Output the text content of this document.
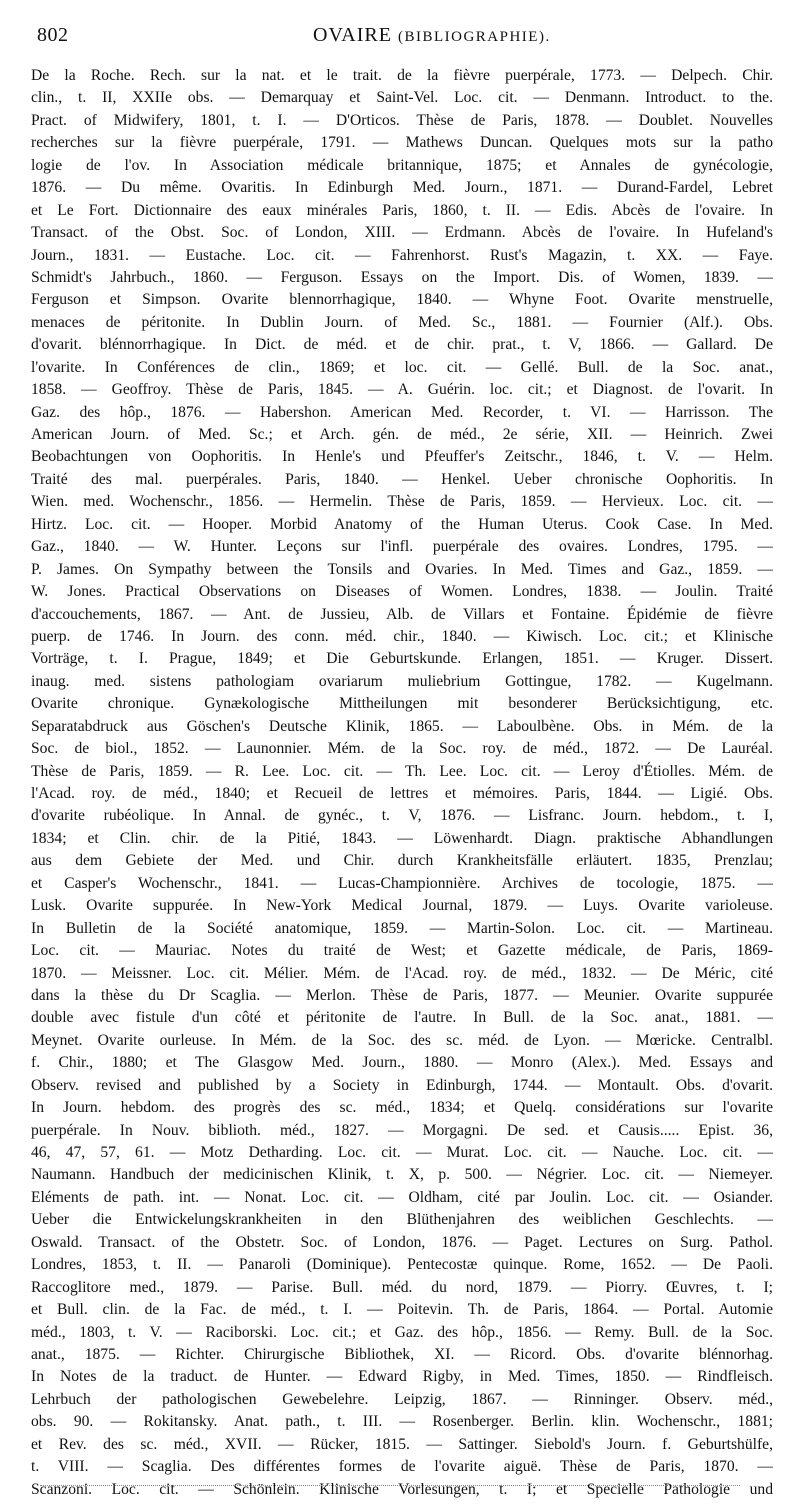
802	OVAIRE (BIBLIOGRAPHIE).
De la Roche. Rech. sur la nat. et le trait. de la fièvre puerpérale, 1773. — Delpech. Chir.
clin., t. II, XXIIe obs. — Demarquay et Saint-Vel. Loc. cit. — Denmann. Introduct. to the.
Pract. of Midwifery, 1801, t. I. — D'Orticos. Thèse de Paris, 1878. — Doublet. Nouvelles
recherches sur la fièvre puerpérale, 1791. — Mathews Duncan. Quelques mots sur la patho
logie de l'ov. In Association médicale britannique, 1875; et Annales de gynécologie,
1876. — Du même. Ovaritis. In Edinburgh Med. Journ., 1871. — Durand-Fardel, Lebret
et Le Fort. Dictionnaire des eaux minérales Paris, 1860, t. II. — Edis. Abcès de l'ovaire. In
Transact. of the Obst. Soc. of London, XIII. — Erdmann. Abcès de l'ovaire. In Hufeland's
Journ., 1831. — Eustache. Loc. cit. — Fahrenhorst. Rust's Magazin, t. XX. — Faye.
Schmidt's Jahrbuch., 1860. — Ferguson. Essays on the Import. Dis. of Women, 1839. —
Ferguson et Simpson. Ovarite blennorrhagique, 1840. — Whyne Foot. Ovarite menstruelle,
menaces de péritonite. In Dublin Journ. of Med. Sc., 1881. — Fournier (Alf.). Obs.
d'ovarit. blénnorrhagique. In Dict. de méd. et de chir. prat., t. V, 1866. — Gallard. De
l'ovarite. In Conférences de clin., 1869; et loc. cit. — Gellé. Bull. de la Soc. anat.,
1858. — Geoffroy. Thèse de Paris, 1845. — A. Guérin. loc. cit.; et Diagnost. de l'ovarit. In
Gaz. des hôp., 1876. — Habershon. American Med. Recorder, t. VI. — Harrisson. The
American Journ. of Med. Sc.; et Arch. gén. de méd., 2e série, XII. — Heinrich. Zwei
Beobachtungen von Oophoritis. In Henle's und Pfeuffer's Zeitschr., 1846, t. V. — Helm.
Traité des mal. puerpérales. Paris, 1840. — Henkel. Ueber chronische Oophoritis. In
Wien. med. Wochenschr., 1856. — Hermelin. Thèse de Paris, 1859. — Hervieux. Loc. cit. —
Hirtz. Loc. cit. — Hooper. Morbid Anatomy of the Human Uterus. Cook Case. In Med.
Gaz., 1840. — W. Hunter. Leçons sur l'infl. puerpérale des ovaires. Londres, 1795. —
P. James. On Sympathy between the Tonsils and Ovaries. In Med. Times and Gaz., 1859. —
W. Jones. Practical Observations on Diseases of Women. Londres, 1838. — Joulin. Traité
d'accouchements, 1867. — Ant. de Jussieu, Alb. de Villars et Fontaine. Épidémie de fièvre
puerp. de 1746. In Journ. des conn. méd. chir., 1840. — Kiwisch. Loc. cit.; et Klinische
Vorträge, t. I. Prague, 1849; et Die Geburtskunde. Erlangen, 1851. — Kruger. Dissert.
inaug. med. sistens pathologiam ovariarum muliebrium Gottingue, 1782. — Kugelmann.
Ovarite chronique. Gynækologische Mittheilungen mit besonderer Berücksichtigung, etc.
Separatabdruck aus Göschen's Deutsche Klinik, 1865. — Laboulbène. Obs. in Mém. de la
Soc. de biol., 1852. — Launonnier. Mém. de la Soc. roy. de méd., 1872. — De Lauréal.
Thèse de Paris, 1859. — R. Lee. Loc. cit. — Th. Lee. Loc. cit. — Leroy d'Étiolles. Mém. de
l'Acad. roy. de méd., 1840; et Recueil de lettres et mémoires. Paris, 1844. — Ligié. Obs.
d'ovarite rubéolique. In Annal. de gynéc., t. V, 1876. — Lisfranc. Journ. hebdom., t. I,
1834; et Clin. chir. de la Pitié, 1843. — Löwenhardt. Diagn. praktische Abhandlungen
aus dem Gebiete der Med. und Chir. durch Krankheitsfälle erläutert. 1835, Prenzlau;
et Casper's Wochenschr., 1841. — Lucas-Championnière. Archives de tocologie, 1875. —
Lusk. Ovarite suppurée. In New-York Medical Journal, 1879. — Luys. Ovarite varioleuse.
In Bulletin de la Société anatomique, 1859. — Martin-Solon. Loc. cit. — Martineau.
Loc. cit. — Mauriac. Notes du traité de West; et Gazette médicale, de Paris, 1869-
1870. — Meissner. Loc. cit. Mélier. Mém. de l'Acad. roy. de méd., 1832. — De Méric, cité
dans la thèse du Dr Scaglia. — Merlon. Thèse de Paris, 1877. — Meunier. Ovarite suppurée
double avec fistule d'un côté et péritonite de l'autre. In Bull. de la Soc. anat., 1881. —
Meynet. Ovarite ourleuse. In Mém. de la Soc. des sc. méd. de Lyon. — Mœricke. Centralbl.
f. Chir., 1880; et The Glasgow Med. Journ., 1880. — Monro (Alex.). Med. Essays and
Observ. revised and published by a Society in Edinburgh, 1744. — Montault. Obs. d'ovarit.
In Journ. hebdom. des progrès des sc. méd., 1834; et Quelq. considérations sur l'ovarite
puerpérale. In Nouv. biblioth. méd., 1827. — Morgagni. De sed. et Causis..... Epist. 36,
46, 47, 57, 61. — Motz Detharding. Loc. cit. — Murat. Loc. cit. — Nauche. Loc. cit. —
Naumann. Handbuch der medicinischen Klinik, t. X, p. 500. — Négrier. Loc. cit. — Niemeyer.
Eléments de path. int. — Nonat. Loc. cit. — Oldham, cité par Joulin. Loc. cit. — Osiander.
Ueber die Entwickelungskrankheiten in den Blüthenjahren des weiblichen Geschlechts. —
Oswald. Transact. of the Obstetr. Soc. of London, 1876. — Paget. Lectures on Surg. Pathol.
Londres, 1853, t. II. — Panaroli (Dominique). Pentecostæ quinque. Rome, 1652. — De Paoli.
Raccoglitore med., 1879. — Parise. Bull. méd. du nord, 1879. — Piorry. Œuvres, t. I;
et Bull. clin. de la Fac. de méd., t. I. — Poitevin. Th. de Paris, 1864. — Portal. Automie
méd., 1803, t. V. — Raciborski. Loc. cit.; et Gaz. des hôp., 1856. — Remy. Bull. de la Soc.
anat., 1875. — Richter. Chirurgische Bibliothek, XI. — Ricord. Obs. d'ovarite blénnorhag.
In Notes de la traduct. de Hunter. — Edward Rigby, in Med. Times, 1850. — Rindfleisch.
Lehrbuch der pathologischen Gewebelehre. Leipzig, 1867. — Rinninger. Observ. méd.,
obs. 90. — Rokitansky. Anat. path., t. III. — Rosenberger. Berlin. klin. Wochenschr., 1881;
et Rev. des sc. méd., XVII. — Rücker, 1815. — Sattinger. Siebold's Journ. f. Geburtshülfe,
t. VIII. — Scaglia. Des différentes formes de l'ovarite aiguë. Thèse de Paris, 1870. —
Scanzoni. Loc. cit. — Schönlein. Klinische Vorlesungen, t. I; et Specielle Pathologie und
